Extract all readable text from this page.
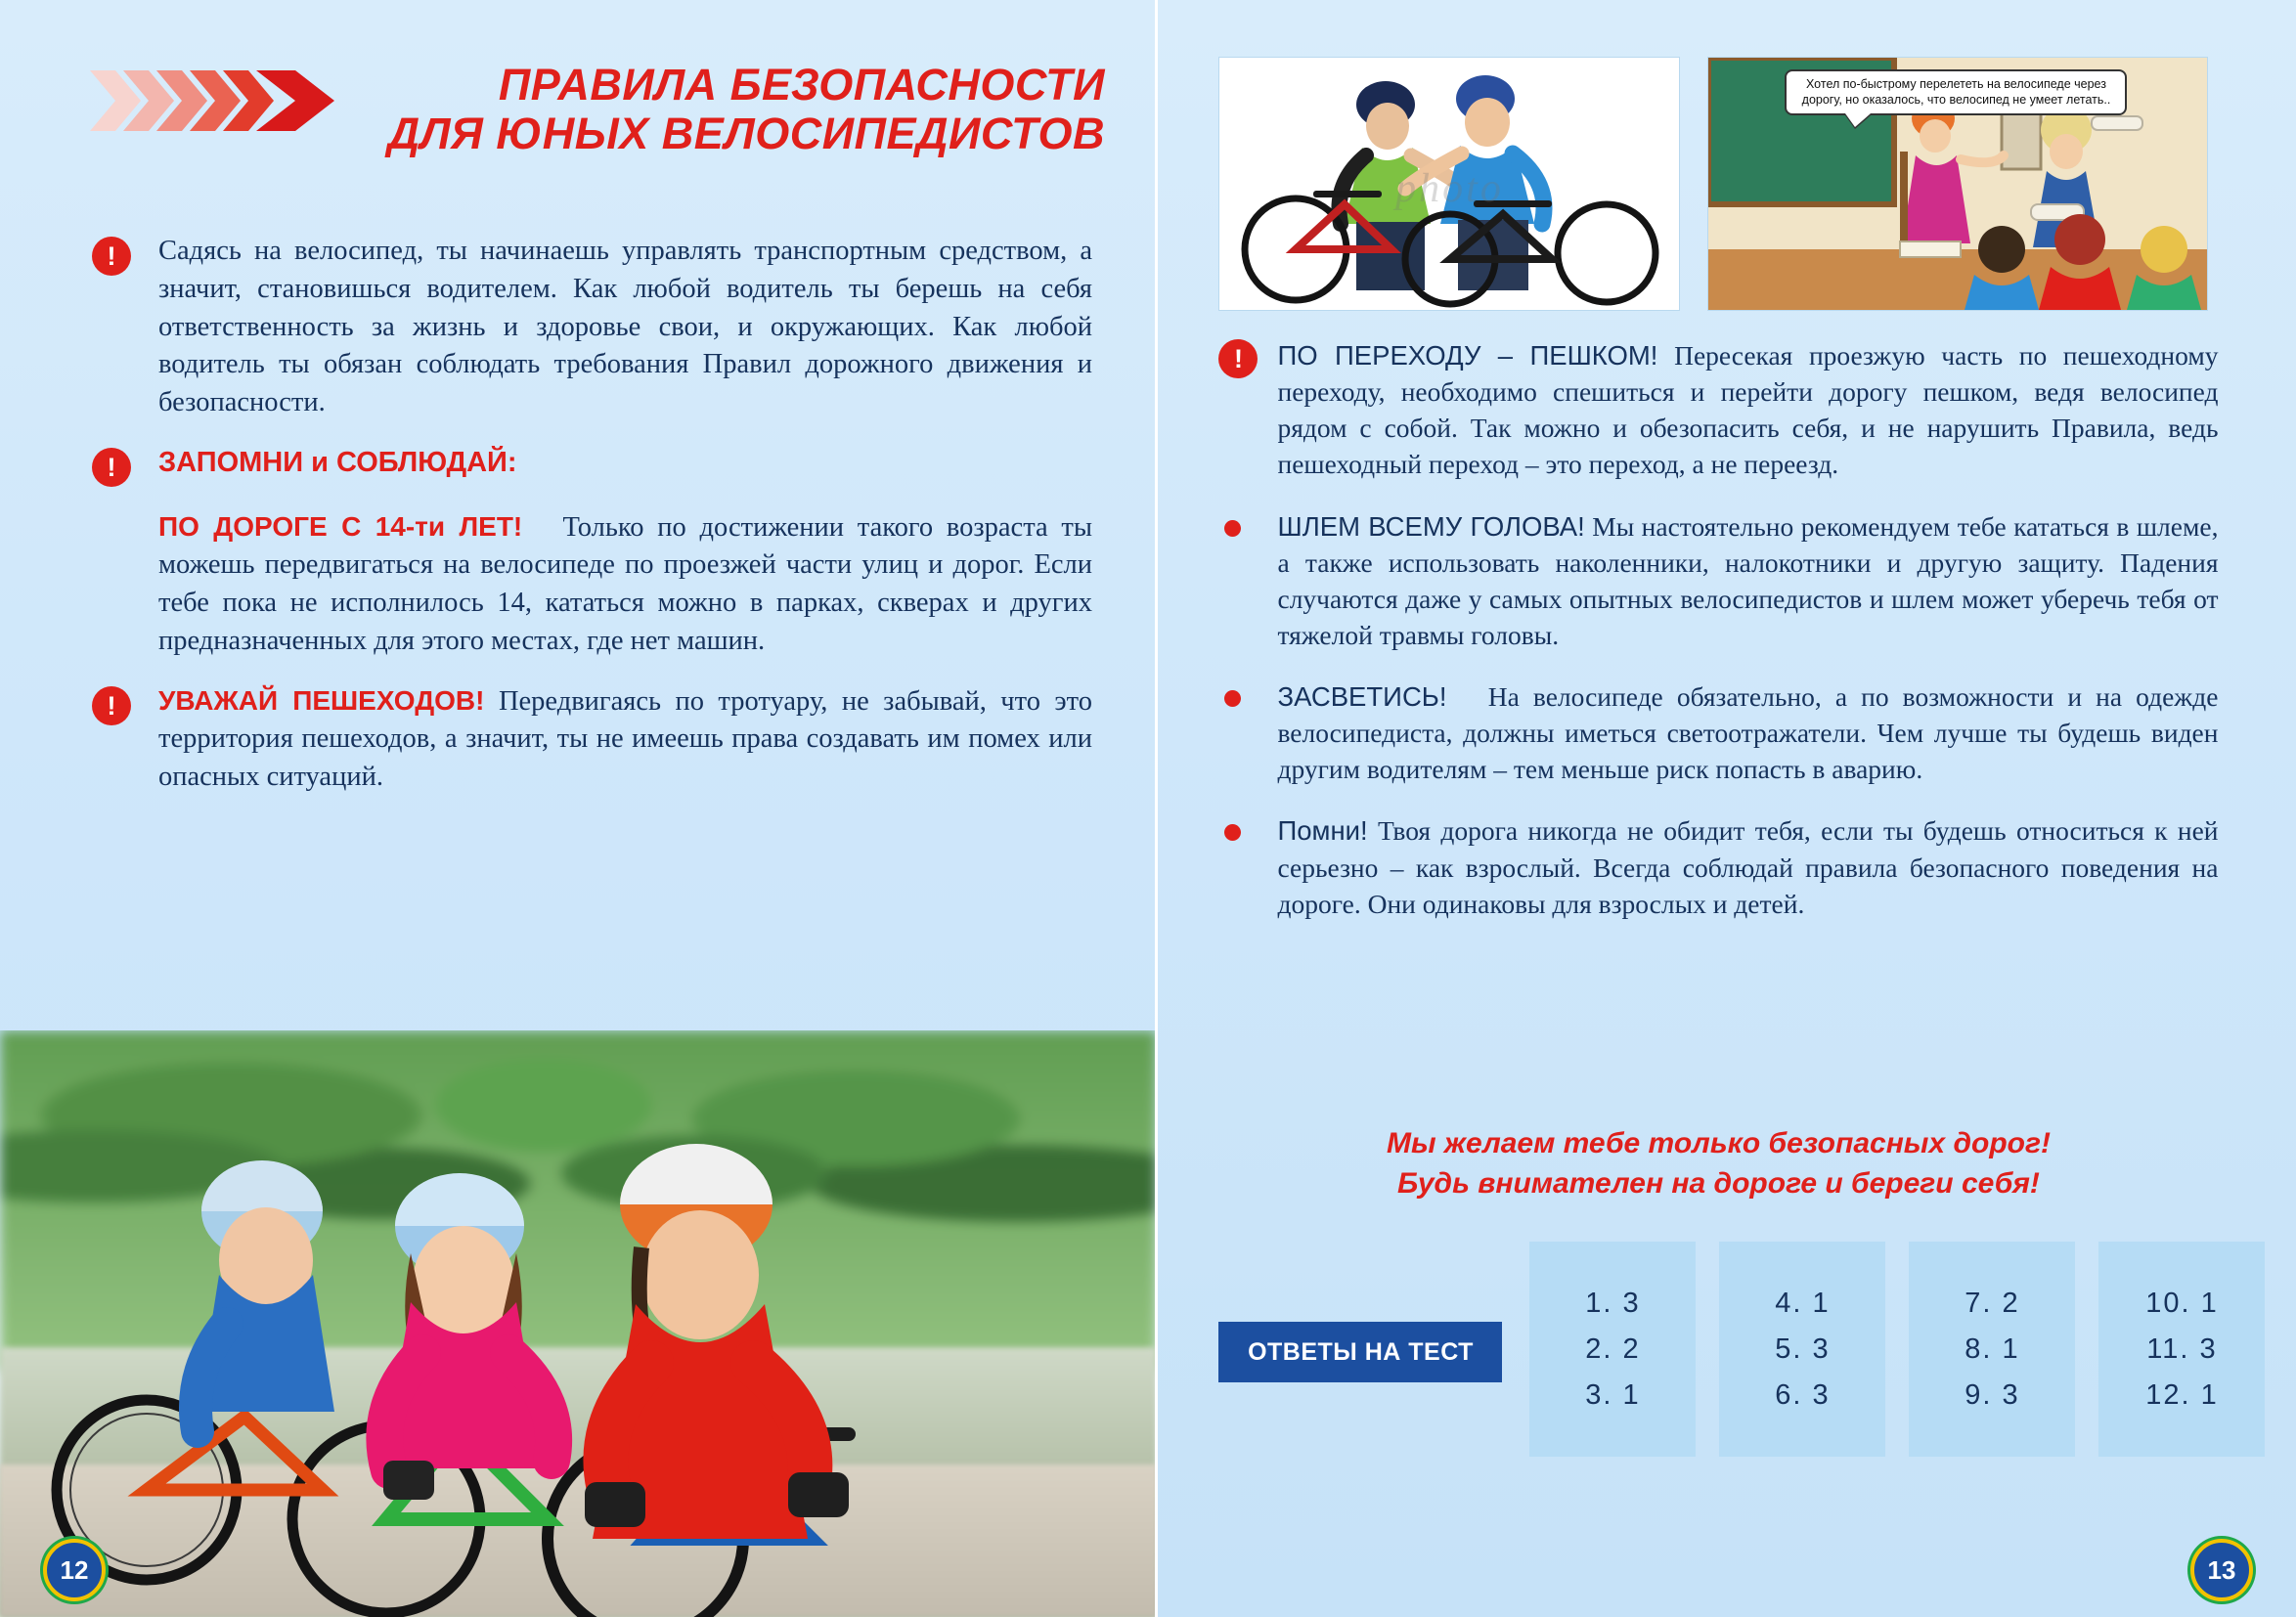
ПРАВИЛА БЕЗОПАСНОСТИ
ДЛЯ ЮНЫХ ВЕЛОСИПЕДИСТОВ
!	Садясь на велосипед, ты начинаешь управлять транспортным средством, а значит, становишься водителем. Как любой водитель ты берешь на себя ответственность за жизнь и здоровье свои, и окружающих. Как любой водитель ты обязан соблюдать требования Правил дорожного движения и безопасности.
!	ЗАПОМНИ и СОБЛЮДАЙ:
ПО ДОРОГЕ С 14-ти ЛЕТ! Только по достижении такого возраста ты можешь передвигаться на велосипеде по проезжей части улиц и дорог. Если тебе пока не исполнилось 14, кататься можно в парках, скверах и других предназначенных для этого местах, где нет машин.
!	УВАЖАЙ ПЕШЕХОДОВ! Передвигаясь по тротуару, не забывай, что это территория пешеходов, а значит, ты не имеешь права создавать им помех или опасных ситуаций.
12
photo
Хотел по-быстрому перелететь на велосипеде через дорогу, но оказалось, что велосипед не умеет летать..
!	ПО ПЕРЕХОДУ – ПЕШКОМ! Пересекая проезжую часть по пешеходному переходу, необходимо спешиться и перейти дорогу пешком, ведя велосипед рядом с собой. Так можно и обезопасить себя, и не нарушить Правила, ведь пешеходный переход – это переход, а не переезд.
ШЛЕМ ВСЕМУ ГОЛОВА! Мы настоятельно рекомендуем тебе кататься в шлеме, а также использовать наколенники, налокотники и другую защиту. Падения случаются даже у самых опытных велосипедистов и шлем может уберечь тебя от тяжелой травмы головы.
ЗАСВЕТИСЬ! На велосипеде обязательно, а по возможности и на одежде велосипедиста, должны иметься светоотражатели. Чем лучше ты будешь виден другим водителям – тем меньше риск попасть в аварию.
Помни! Твоя дорога никогда не обидит тебя, если ты будешь относиться к ней серьезно – как взрослый. Всегда соблюдай правила безопасного поведения на дороге. Они одинаковы для взрослых и детей.
Мы желаем тебе только безопасных дорог!
Будь внимателен на дороге и береги себя!
ОТВЕТЫ НА ТЕСТ
1. 3
2. 2
3. 1
4. 1
5. 3
6. 3
7. 2
8. 1
9. 3
10. 1
11. 3
12. 1
13
